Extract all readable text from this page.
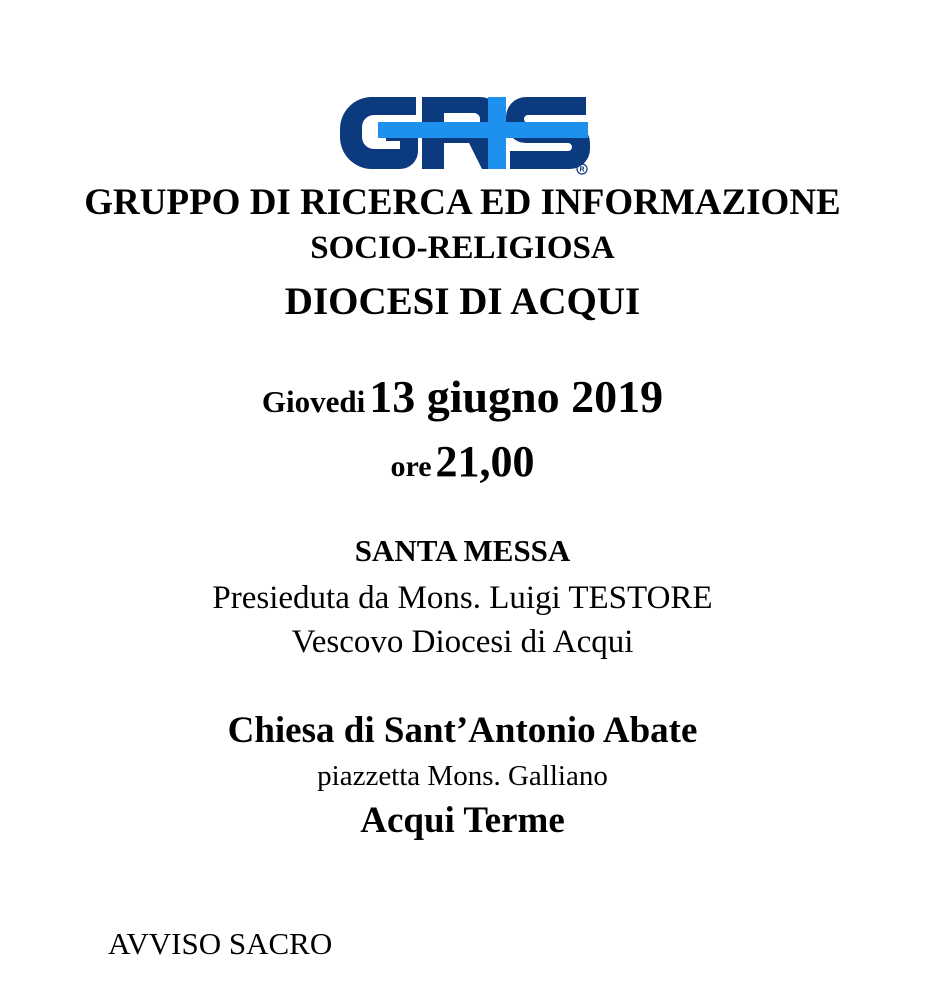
R
GRUPPO DI RICERCA ED INFORMAZIONE
SOCIO-RELIGIOSA
DIOCESI DI ACQUI
Giovedi 13 giugno 2019
ore 21,00
SANTA MESSA
Presieduta da Mons. Luigi TESTORE
Vescovo Diocesi di Acqui
Chiesa di Sant’Antonio Abate
piazzetta Mons. Galliano
Acqui Terme
AVVISO SACRO
